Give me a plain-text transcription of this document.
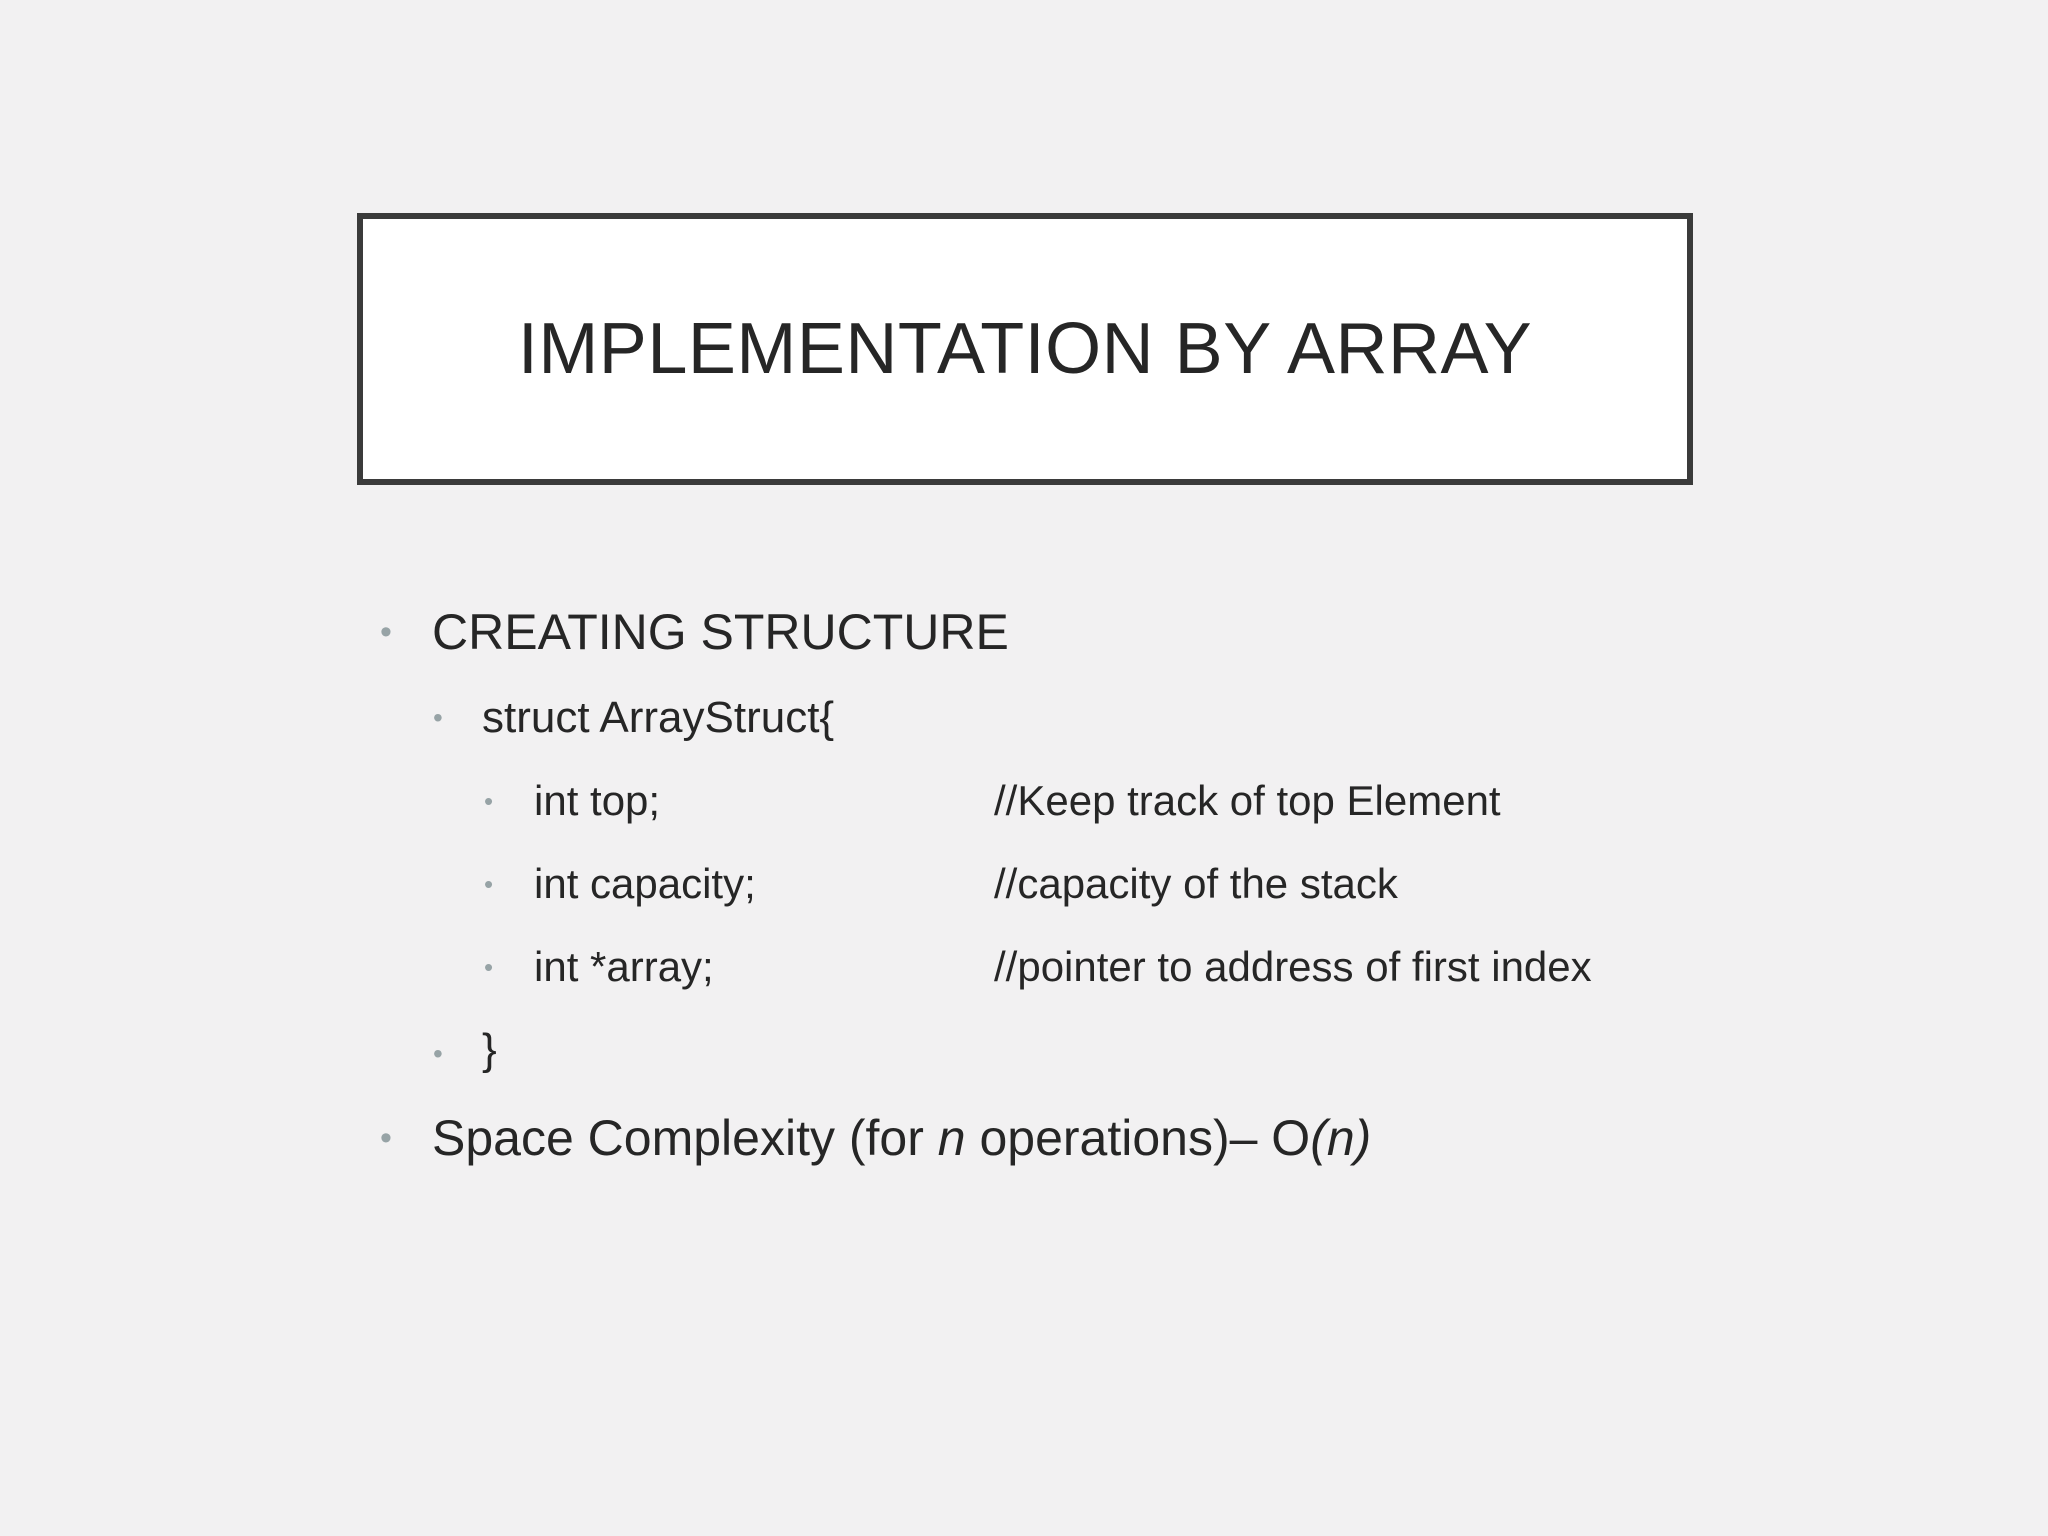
IMPLEMENTATION BY ARRAY
• CREATING STRUCTURE
• struct ArrayStruct{
• int top;	//Keep track of top Element
• int capacity;	//capacity of the stack
• int *array;	//pointer to address of first index
• }
• Space Complexity (for n operations)– O(n)
